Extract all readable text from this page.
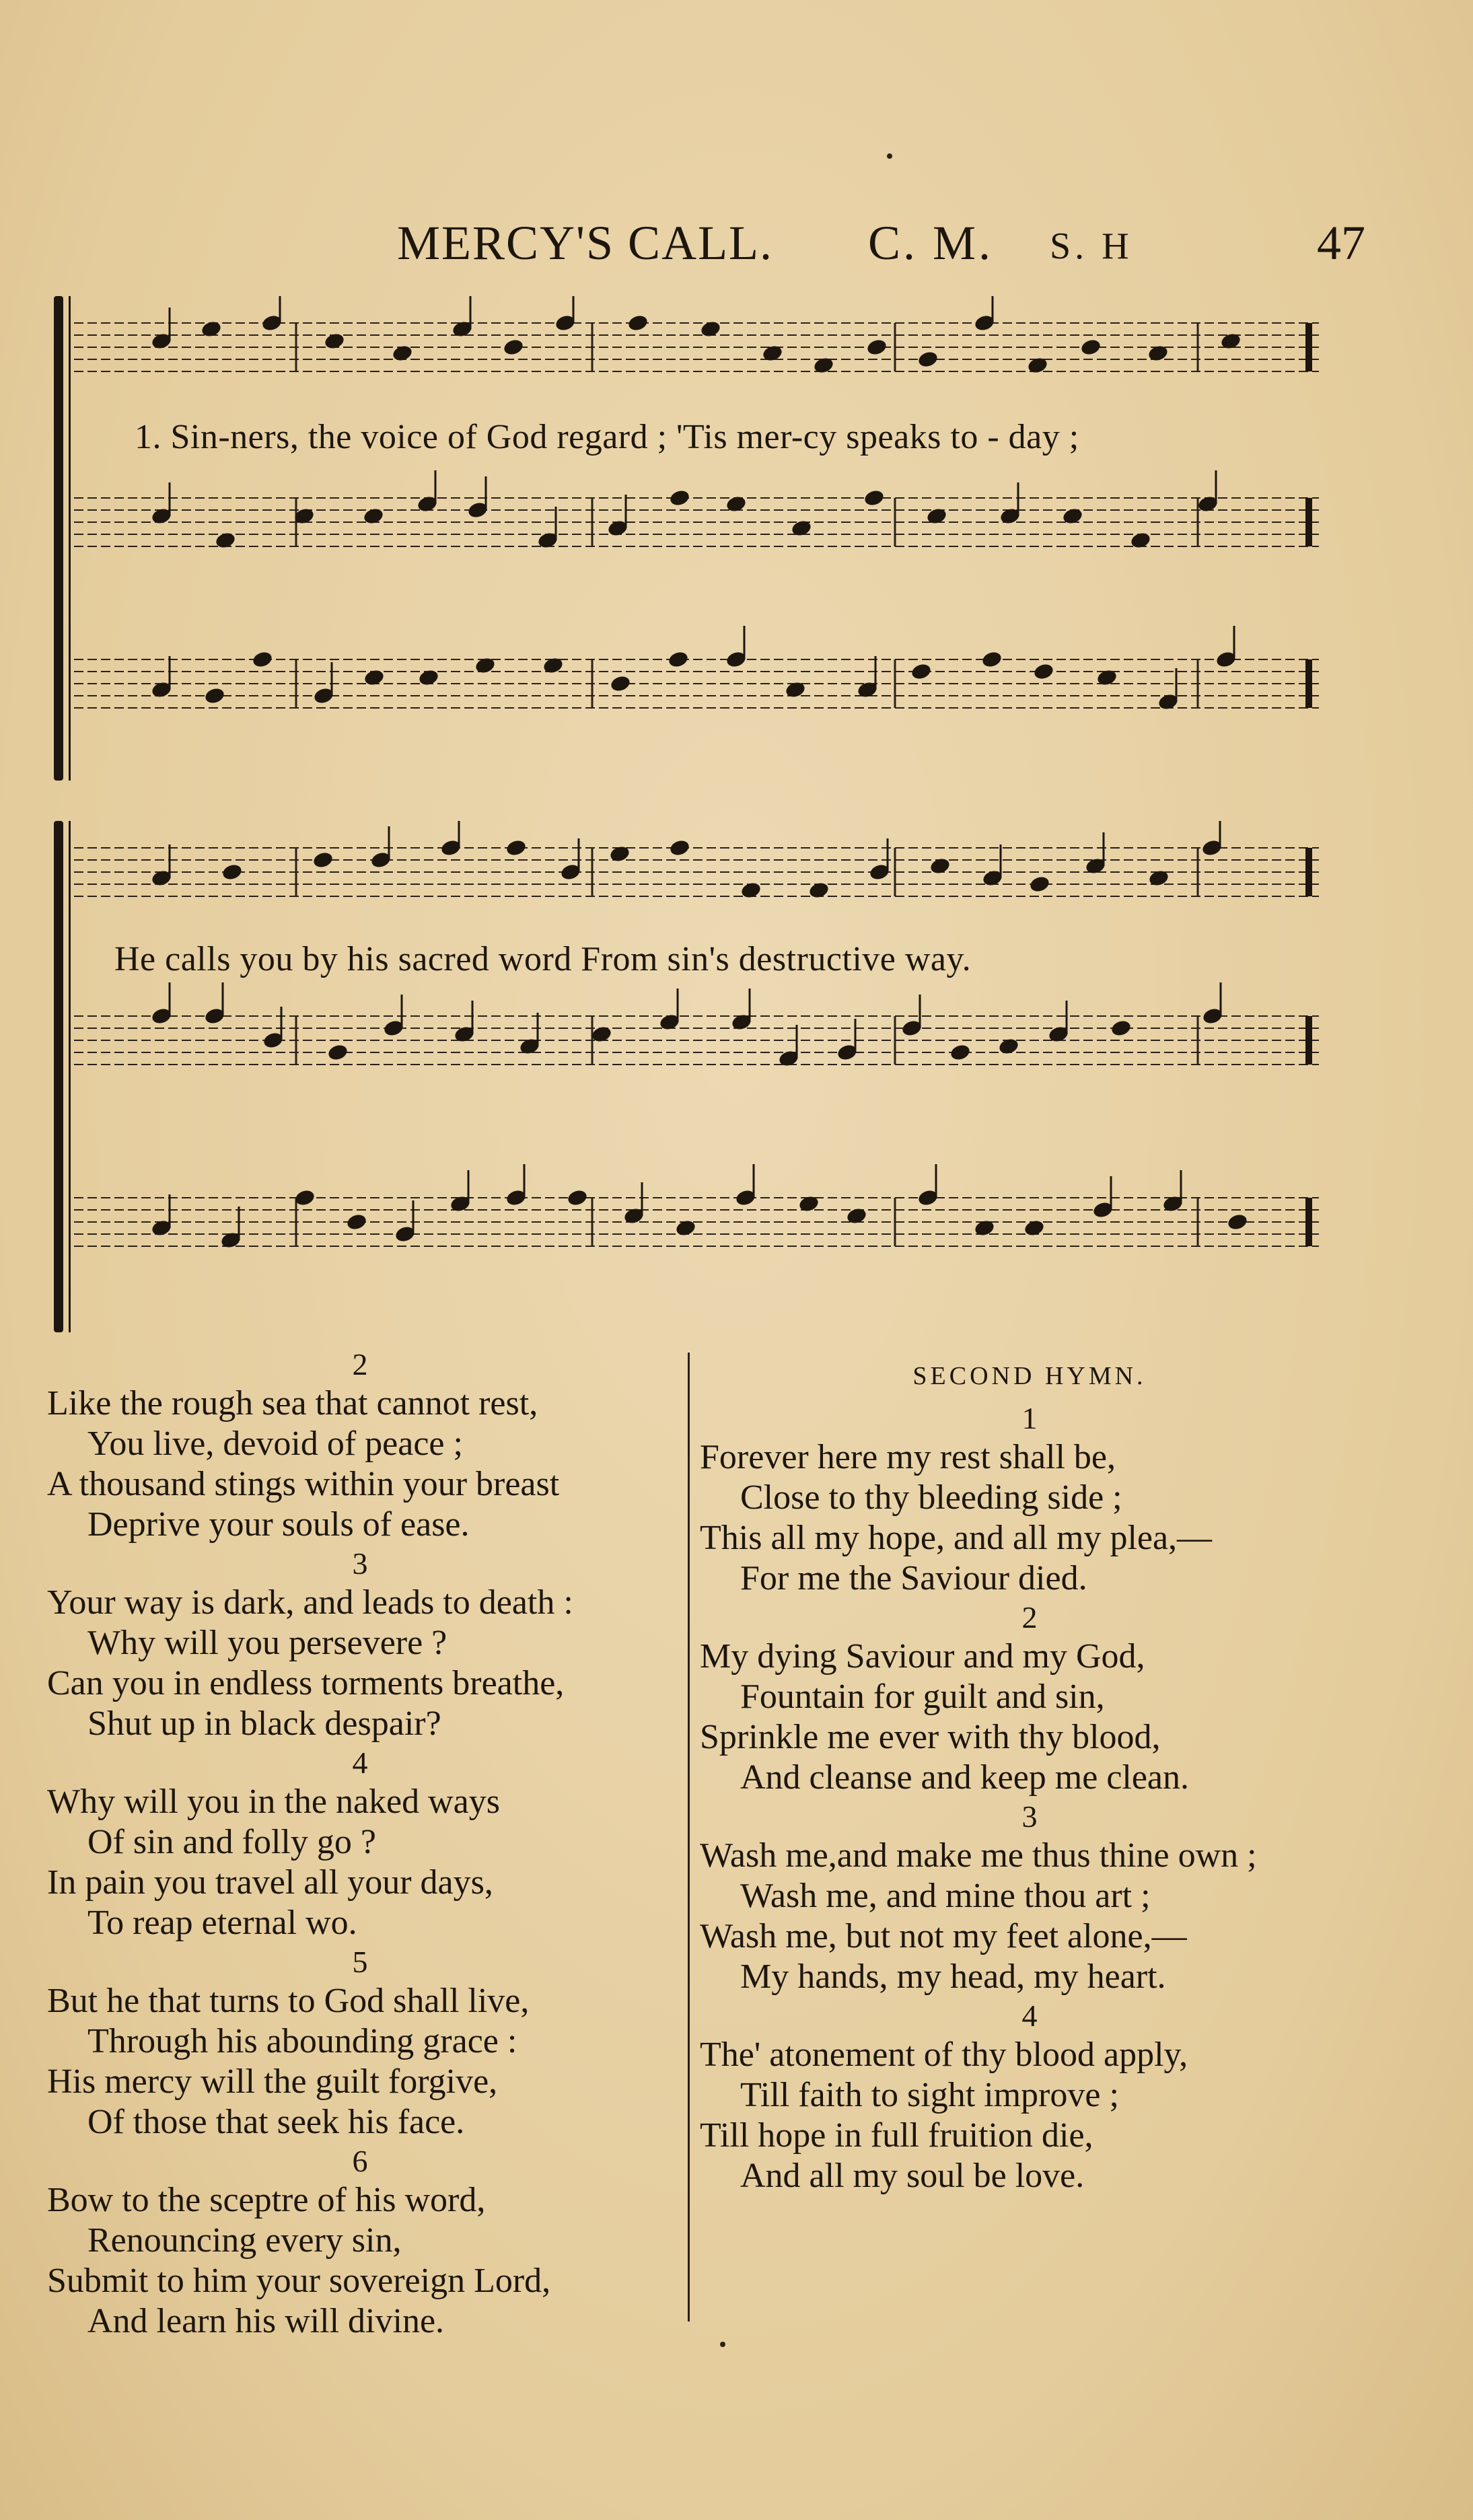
MERCY'S CALL. C. M. S. H	47
1. Sin-ners, the voice of God regard ; 'Tis mer-cy speaks to - day ;
He calls you by his sacred word From sin's destructive way.
2
Like the rough sea that cannot rest,
You live, devoid of peace ;
A thousand stings within your breast
Deprive your souls of ease.
3
Your way is dark, and leads to death :
Why will you persevere ?
Can you in endless torments breathe,
Shut up in black despair?
4
Why will you in the naked ways
Of sin and folly go ?
In pain you travel all your days,
To reap eternal wo.
5
But he that turns to God shall live,
Through his abounding grace :
His mercy will the guilt forgive,
Of those that seek his face.
6
Bow to the sceptre of his word,
Renouncing every sin,
Submit to him your sovereign Lord,
And learn his will divine.
SECOND HYMN.
1
Forever here my rest shall be,
Close to thy bleeding side ;
This all my hope, and all my plea,—
For me the Saviour died.
2
My dying Saviour and my God,
Fountain for guilt and sin,
Sprinkle me ever with thy blood,
And cleanse and keep me clean.
3
Wash me,and make me thus thine own ;
Wash me, and mine thou art ;
Wash me, but not my feet alone,—
My hands, my head, my heart.
4
The' atonement of thy blood apply,
Till faith to sight improve ;
Till hope in full fruition die,
And all my soul be love.
